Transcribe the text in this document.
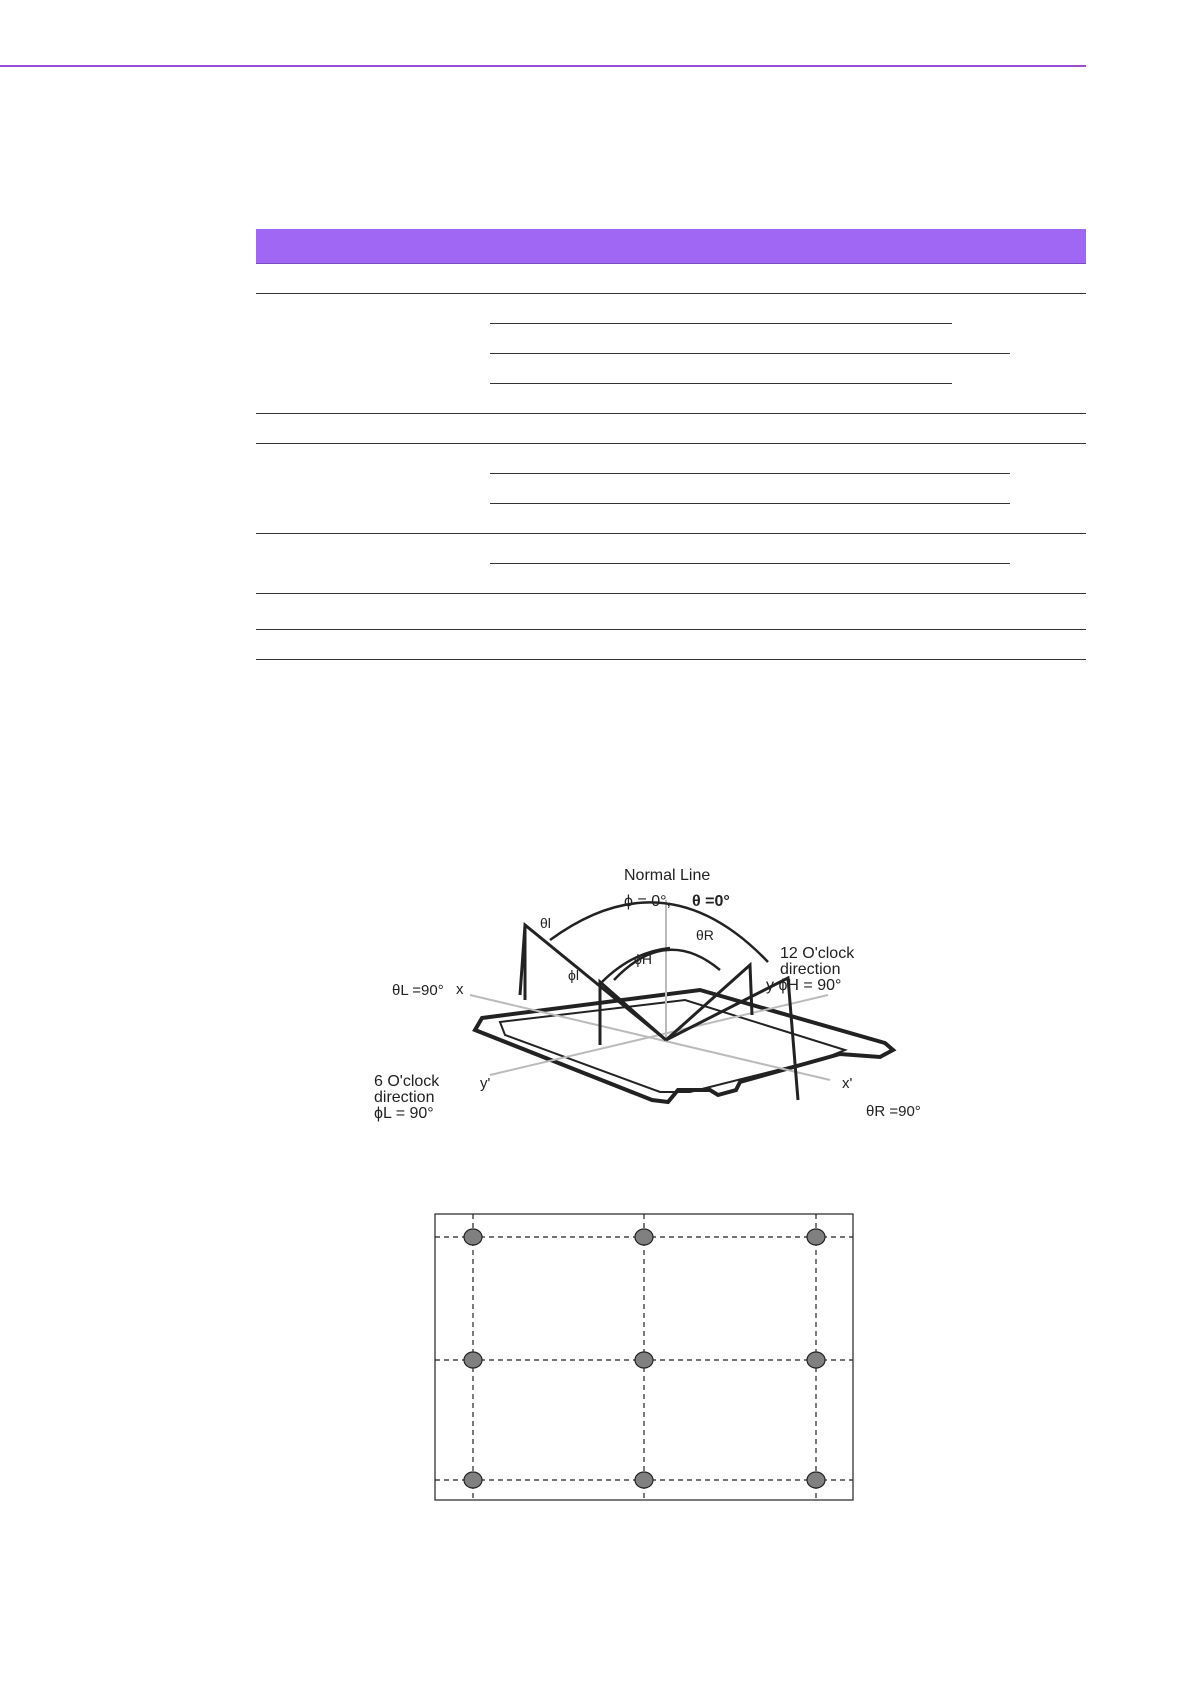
Normal Line
ϕ = 0°, θ =0°
θl
θR
ϕH
ϕl
12 O'clock
direction
y ϕH = 90°
θL =90° x
y'	x'
6 O'clock
direction
ϕL = 90°	θR =90°
